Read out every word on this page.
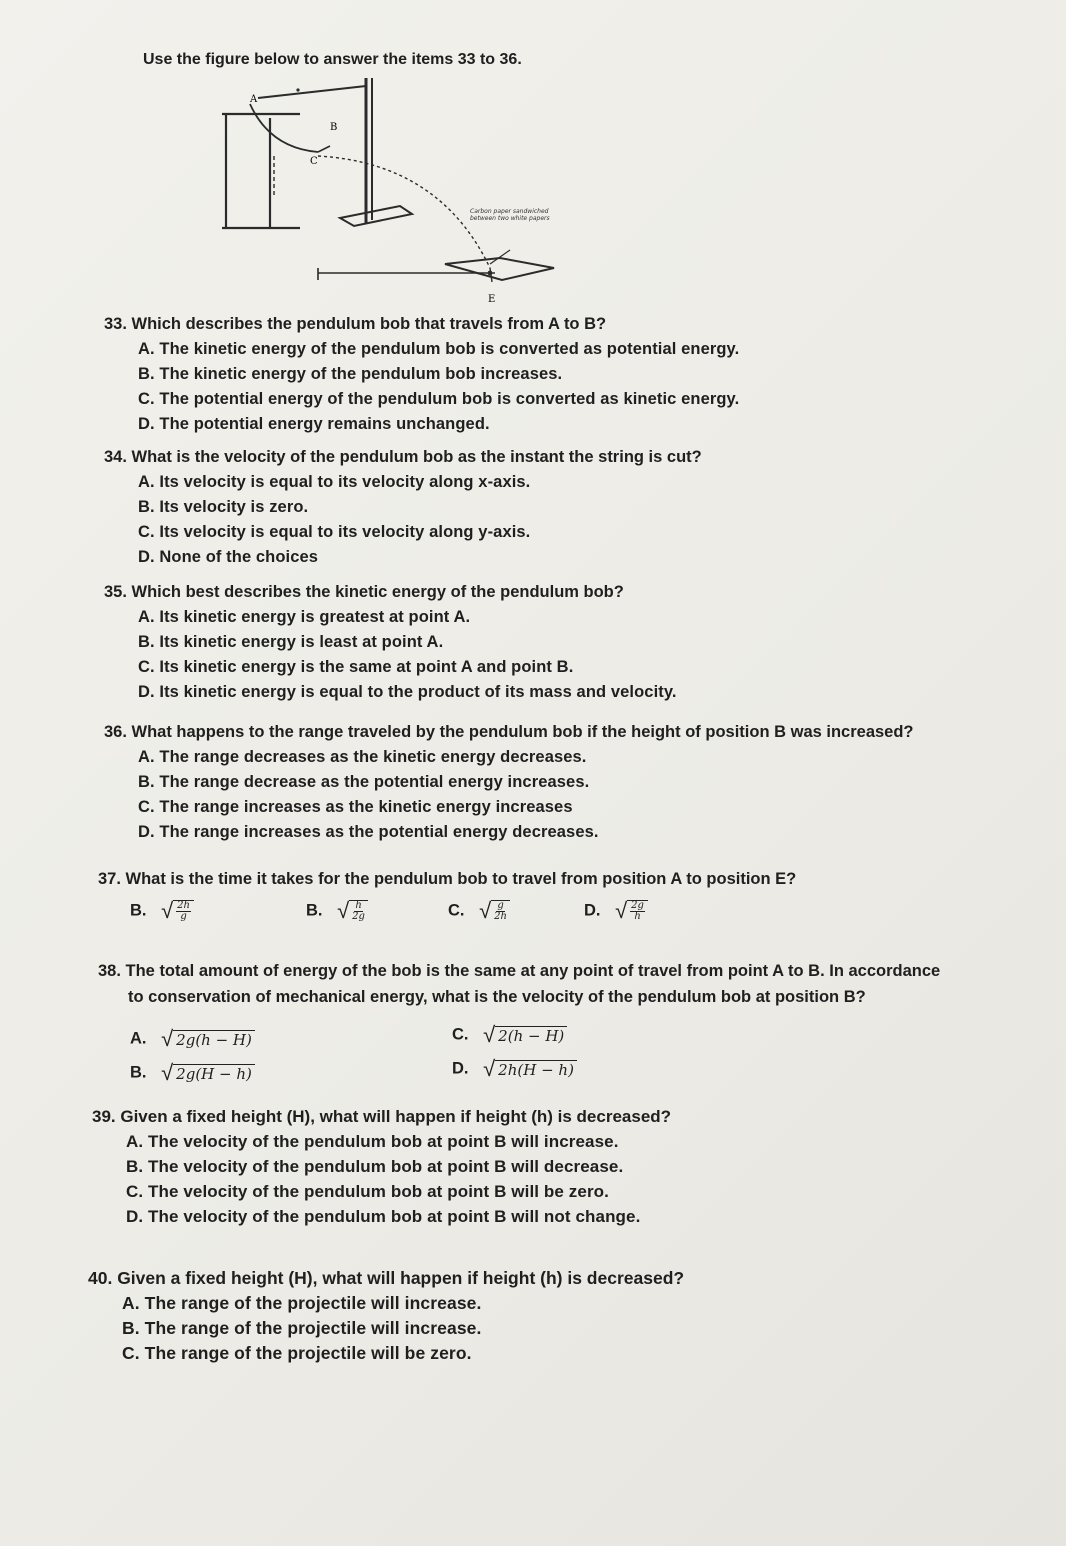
Use the figure below to answer the items 33 to 36.
A
B
C
E
Carbon paper sandwiched between two white papers
33. Which describes the pendulum bob that travels from A to B?
A. The kinetic energy of the pendulum bob is converted as potential energy.
B. The kinetic energy of the pendulum bob increases.
C. The potential energy of the pendulum bob is converted as kinetic energy.
D. The potential energy remains unchanged.
34. What is the velocity of the pendulum bob as the instant the string is cut?
A. Its velocity is equal to its velocity along x-axis.
B. Its velocity is zero.
C. Its velocity is equal to its velocity along y-axis.
D. None of the choices
35. Which best describes the kinetic energy of the pendulum bob?
A. Its kinetic energy is greatest at point A.
B. Its kinetic energy is least at point A.
C. Its kinetic energy is the same at point A and point B.
D. Its kinetic energy is equal to the product of its mass and velocity.
36. What happens to the range traveled by the pendulum bob if the height of position B was increased?
A. The range decreases as the kinetic energy decreases.
B. The range decrease as the potential energy increases.
C. The range increases as the kinetic energy increases
D. The range increases as the potential energy decreases.
37. What is the time it takes for the pendulum bob to travel from position A to position E?
B. √ $\frac{2h}{g}$	B. √ $\frac{h}{2g}$	C. √ $\frac{g}{2h}$	D. √ $\frac{2g}{h}$
38. The total amount of energy of the bob is the same at any point of travel from point A to B. In accordance
to conservation of mechanical energy, what is the velocity of the pendulum bob at position B?
A. √ 2g(h − H)	C. √ 2(h − H)
B. √ 2g(H − h)	D. √ 2h(H − h)
39. Given a fixed height (H), what will happen if height (h) is decreased?
A. The velocity of the pendulum bob at point B will increase.
B. The velocity of the pendulum bob at point B will decrease.
C. The velocity of the pendulum bob at point B will be zero.
D. The velocity of the pendulum bob at point B will not change.
40. Given a fixed height (H), what will happen if height (h) is decreased?
A. The range of the projectile will increase.
B. The range of the projectile will increase.
C. The range of the projectile will be zero.
